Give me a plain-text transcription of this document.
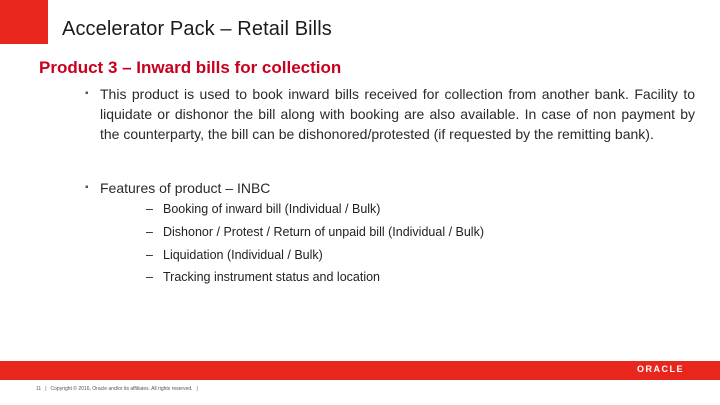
Accelerator Pack – Retail Bills
Product 3 – Inward bills for collection
▪ This product is used to book inward bills received for collection from another bank. Facility to liquidate or dishonor the bill along with booking are also available. In case of non payment by the counterparty, the bill can be dishonored/protested (if requested by the remitting bank).
▪ Features of product – INBC
– Booking of inward bill (Individual / Bulk)
– Dishonor / Protest / Return of unpaid bill (Individual / Bulk)
– Liquidation (Individual / Bulk)
– Tracking instrument status and location
ORACLE
11 | Copyright © 2016, Oracle and/or its affiliates. All rights reserved. |
